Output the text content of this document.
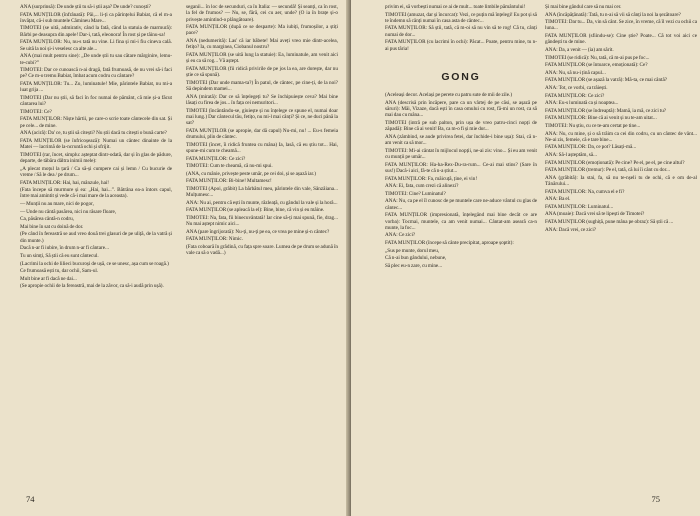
ANA (surprinsă): De unde știi tu să-i știi așa? De unde? cunoști?

FATA MUNȚILOR (înfrânată): Păi,... li-ți ca părințelui Babiat, că el m-a învățat, că-i sub muntele Câmineu Mare...

TIMOTEI (se uită, admirativ, când la fată, când la statuia de marmură): Bărbi pe deasupra din apele! Dar-i, tată, eleonora! În rost și pe tăinu-sa!

FATA MUNȚILOR: Nu, nu-s tată nu vine. Li fina și mi-i fiu cineva cală. Se uită la noi și-i veselesc ca alte ale...

ANA (mai mult pentru sine): „De unde știi tu sau cătare mărginire, lemu-te-cubi?”

TIMOTEI: Dar ce cunoască n-ai dragă, fată frumoasă, de nu vrei să-i faci pe? Ce m-o tremu Babiat, îmbat acum codru cu cântare?

FATA MUNȚILOR: Tu... Zo, luminatule! Mie, părintele Babiat, nu mi-a luat grija ...

TIMOTEI (Dar nu știi, să faci în foc numai de pământ, că mie și-a făcut cântarea lui?

TIMOTEI: Ce?

FATA MUNȚILOR: Niște hârtii, pe care-o scrie toate cântecele din sat. Și pe cele... de mine.

ANA (aciră): Da' ce, tu știi să citești? Nu știi dacă tu citești o bună carte?

FATA MUNȚILOR (se înfricoșează): Numai un cântec dinainte de la Matei — lacrimă de la-ncruntă ochi și sfrijit.

TIMOTEI (rar, încet, simplu: așteptat dintr-odată, dar și în glas de pădure, departe, de tăbăra dâltra inimii mele):

„A plecat moțul la țară / Ca să-și cumpere cai și lemn / Cu bucurie de vreme / Să le dea / pe drum...

FATA MUNȚILOR: Hai, hai, mânzule, hai!

(Fata începe să murmure și ea: „Hai, hai...”. Bătrâna ea-a întors capul, între mai amintit și vede că-i mai mare de la aceasta).

— Munții nu au mare, nici de pogor,

— Unde nu cântă pasărea, nici nu răsare floare,

Ca, păsărea cântă-n codru,

Mai bine în sat cu doină de dor.

(Pe când în fereastră se aud vreo două trei glasuri de pe uliță, de la vatră și din munte.)

Dacă n-ar fi iubire, în drum n-ar fi cântare...

Tu un simți, Să știi că eu sunt cântecul.

(Lacrimi la ochi de lilieci bucuroși de ușă, ce se unesc, așa cum se roagă.)

Ce frumoasă ești tu, dar ochii, Sam-ul.

Mult bine ar fi dacă ne dai...

(Se apropie ochii de la fereastră, mai de la zăvor, ca să-i audă prin ușă).

seganii... în loc de secunduri, ca în Italia: — secundă! Și seanți, ca în rost, la fel de frumos? — Nu, se, fără, cei cu aer, unde? (O ia în brațe și-o privește amintind-o plângătoare).

FATA MUNȚILOR (după ce se desparte): Ma iubiți, frumoșilor, a știți pace?

ANA (nedumerită): Las' că iar băbete! Mai aveți vreo mie dintr-acelea, fetițo? Ia, cu marginea, Ciobanul nostru?

FATA MUNȚILOR (se uită lung la statuie): Ea, luminatule, am venit aici și eu ca să rog... Vă aștept.

FATA MUNȚILOR (fii ridică privirile de pe jos la ea, are dorește, dar nu știe ce să spună).

TIMOTEI (Dar unde mama-ta?) În patul, de cântec, pe cine-ți, de la noi? Să depindem mamei...

ANA (mirată): Dar ce să înțelegeți tu? Se închipuiește ceva? Mai bine lăsați cu firea de jos... în fața cei nemuritori...

TIMOTEI (încântându-se, giuiește și nu înțelege ce spune el, numai doar mai lung.) Dar cântecul tău, fetițo, nu mi-l mai cânți? Și ce, ne duci până la sat?

FATA MUNȚILOR (se apropie, dar dă capul) Nu-mi, nu! ... Eu-s femeia drumului, plin de cântec.

TIMOTEI (încet, îi ridică fruntea cu mâna) Ia, lasă, că eu știu tot... Hai, spune-mi cum te cheamă...

FATA MUNȚILOR: Ce zici?

TIMOTEI: Cum te cheamă, că nu-mi spui.

(ANA, cu mânie, privește peste umăr, pe cei doi, și se așază iar.)

FATA MUNȚILOR: Bi-bine! Multamesc!

TIMOTEI (Apoi, grăbit) La bărbătul meu, părintele din vale, Sânzâiana... Mulțumesc...

ANA: Nu ai, pentru că ești în munte, răzleață, cu gândul la vale și la horă...

FATA MUNȚILOR (se apleacă la el): Bine, bine, că vin și eu mâine.

TIMOTEI: Na, fata, fii binecuvântată! Iar cine să-ți mai spună, fie, drag... Nu mai aștept nimic aici...

ANA (pare îngrijorată): Nu-ți, nu-ți pe ea, ce vrea pe mine și-n cântec?

FATA MUNȚILOR: Nimic.

(Fata coboară în grădină, cu fața spre soare. Lumea de pe drum se adună în vale ca să o vadă...)

74

privim ei, să vorbești numai ce ai de mult... toate limbile pământului!

TIMOTEI (amuzat, dar și încurcat): Vezi, ce puțin mă înțelegi! Eu pot și să te îndemn să cânți numai în casa asta de cântec...

FATA MUNȚILOR: Să știi, tată, că m-oi să nu vin să te rog! Că tu, cânți numai de dor...

FATA MUNȚILOR (cu lacrimi în ochi): Păcat... Poate, pentru mine, tu n-ai pus tăria!

GONG

(Aceleași decor. Același pe perete cu patru sute de mii de zile.)

ANA (descrisă prin încăpere, pare ca un vârtej de pe căsi, se așază pe săruri): Măi, Vizaze, dacă ești în casa omului cu rost, fă-mi un rost, ca să mai dau cu mâna...

TIMOTEI (intră pe sub palton, prin ușa de vreo patru-cinci nopți de zăpadă): Bine că ai venit! Ba, ca m-o fi și mie dor...

ANA (zâmbind, se aude privirea fetei, dar închide-i bine ușa): Stai, că n-am venit ca să mor...

TIMOTEI: Mi-ai cântat în mijlocul nopții, ne-ai zis: vino... Și eu am venit cu munții pe umăr...

FATA MUNȚILOR: Ha-ha-Rex-Du-ra-rum... Ce-ai mai stins? (Sare în sus!) Dacă-i aici, fă-te că n-a știut...

FATA MUNȚILOR: Fa, măicuță, ține, ei vin!

ANA: Ei, fata, cum crezi că alinezi?

TIMOTEI: Cine? Luminatul?

ANA: Nu, ca pe el îl cunosc de pe muntele care ne-aduce vântul cu glas de cântec...

FATA MUNȚILOR (impresionată, înțelegând mai bine decât ce are vorba): Tocmai, muntele, ca am venit numai... Cântat-am aseară ca-n munte, la foc...

ANA: Ce zici?

FATA MUNȚILOR (începe să cânte precipitat, aproape șoptit):

„Sus pe munte, dorul meu,

Că n-ai bun gândului, nebune,

Să plec eu-n zare, cu mine...

Și mai bine gândul care să nu mai cer.

ANA (încăpățânată): Tată, tu n-ai să vii să cânți la noi la șezătoare?

TIMOTEI: Dar tu... Da, vin să cânt. Se zice, în vreme, că îl vezi cu ochii ca luna...

FATA MUNȚILOR (sfiindu-se): Cine știe? Poate... Că tot voi aici ce gândești tu de mine.

ANA: Da, a venit — (ia) am sărit.

TIMOTEI (se ridică): Nu, tată, că m-ai pus pe foc...

FATA MUNȚILOR (se întoarce, emoționată): Ce?

ANA: Nu, să nu-i țină capul...

FATA MUNȚILOR (se așază la vatră): Mă-ta, ce mai cântă?

ANA: Tot, ce vorbi, ca trăiești.

FATA MUNȚILOR: Ce zici?

ANA: Eu-s luminată ca și noaptea...

FATA MUNȚILOR (se îndreaptă): Mamă, ia mă, ce zici tu?

FATA MUNȚILOR: Bine că ai venit și nu te-am uitat...

TIMOTEI: Nu știu, cu ce te-am certat pe tine...

ANA: Nu, cu mine, și o să trăim ca cei din codru, cu un cântec de vânt... Ne-ai zis, femeie, că e tare bine...

FATA MUNȚILOR: Da, ce pot? Lăsați-mă...

ANA: Să-l așteptăm, să...

FATA MUNȚILOR (emoționată): Pe cine? Pe el, pe el, pe cine altul?

FATA MUNȚILOR (tremur): Pe el, tată, că lui îi cânt cu dor...

ANA (grăbită): Ia stai, fa, să nu te-nșeli tu de ochi, că e om de-al Tânărului...

FATA MUNȚILOR: Na, cumva el e fi?

ANA: Ba el.

FATA MUNȚILOR: Luminatul...

ANA (moaie): Dacă vrei să te lipești de Timotei?

FATA MUNȚILOR (sughiță, pune mâna pe obraz): Să știi că ...

ANA: Dacă vrei, ce zici?

75
